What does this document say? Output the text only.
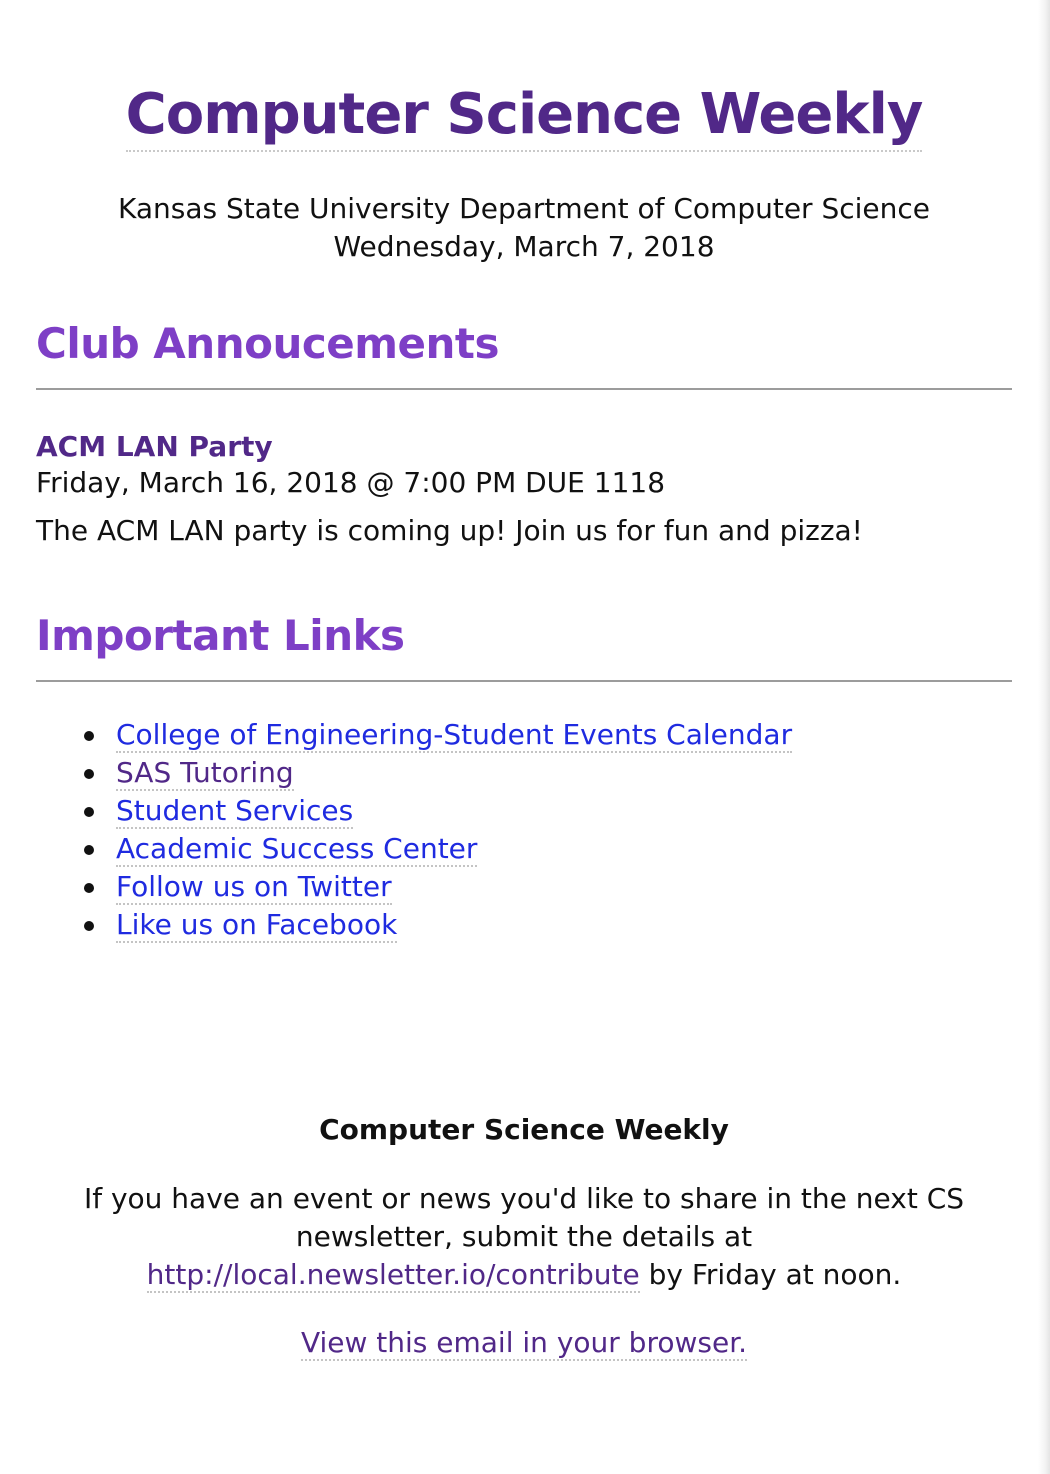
Computer Science Weekly
Kansas State University Department of Computer Science
Wednesday, March 7, 2018
Club Annoucements
ACM LAN Party
Friday, March 16, 2018 @ 7:00 PM DUE 1118
The ACM LAN party is coming up! Join us for fun and pizza!
Important Links
College of Engineering-Student Events Calendar
SAS Tutoring
Student Services
Academic Success Center
Follow us on Twitter
Like us on Facebook
Computer Science Weekly
If you have an event or news you'd like to share in the next CS newsletter, submit the details at http://local.newsletter.io/contribute by Friday at noon.
View this email in your browser.
